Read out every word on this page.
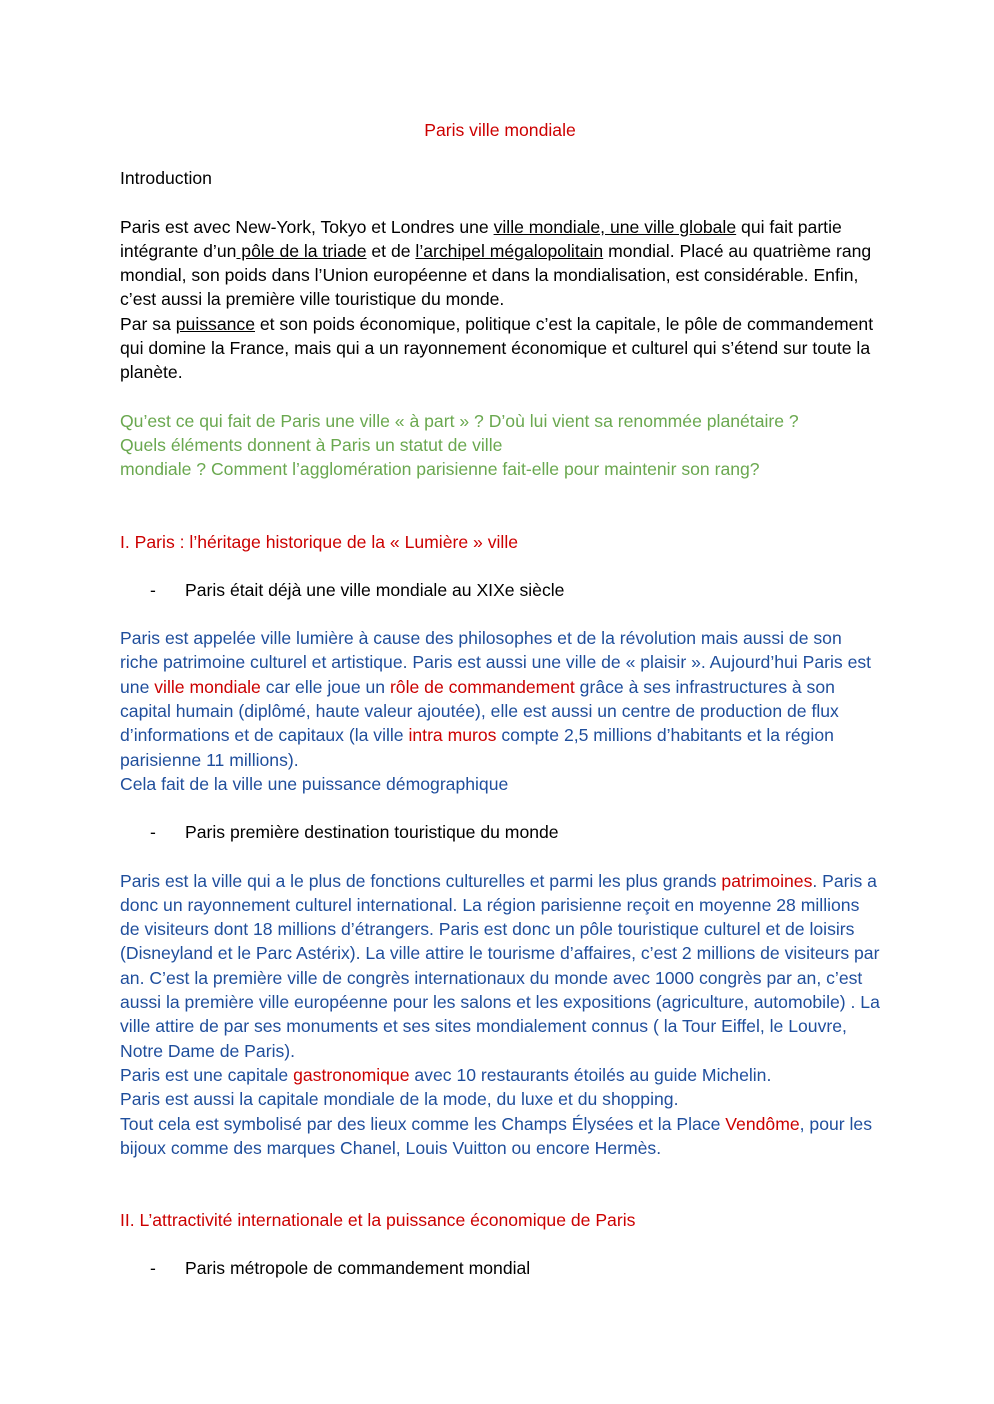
Paris ville mondiale

Introduction

Paris est avec New-York, Tokyo et Londres une ville mondiale, une ville globale qui fait partie intégrante d’un pôle de la triade et de l’archipel mégalopolitain mondial. Placé au quatrième rang mondial, son poids dans l’Union européenne et dans la mondialisation, est considérable. Enfin, c’est aussi la première ville touristique du monde.

Par sa puissance et son poids économique, politique c’est la capitale, le pôle de commandement qui domine la France, mais qui a un rayonnement économique et culturel qui s’étend sur toute la planète.

Qu’est ce qui fait de Paris une ville « à part » ? D’où lui vient sa renommée planétaire ?

Quels éléments donnent à Paris un statut de ville

mondiale ? Comment l’agglomération parisienne fait-elle pour maintenir son rang?

I. Paris : l’héritage historique de la « Lumière » ville

- Paris était déjà une ville mondiale au XIXe siècle

Paris est appelée ville lumière à cause des philosophes et de la révolution mais aussi de son riche patrimoine culturel et artistique. Paris est aussi une ville de « plaisir ». Aujourd’hui Paris est une ville mondiale car elle joue un rôle de commandement grâce à ses infrastructures à son capital humain (diplômé, haute valeur ajoutée), elle est aussi un centre de production de flux d’informations et de capitaux (la ville intra muros compte 2,5 millions d’habitants et la région parisienne 11 millions).

Cela fait de la ville une puissance démographique

- Paris première destination touristique du monde

Paris est la ville qui a le plus de fonctions culturelles et parmi les plus grands patrimoines. Paris a donc un rayonnement culturel international. La région parisienne reçoit en moyenne 28 millions de visiteurs dont 18 millions d’étrangers. Paris est donc un pôle touristique culturel et de loisirs (Disneyland et le Parc Astérix). La ville attire le tourisme d’affaires, c’est 2 millions de visiteurs par an. C’est la première ville de congrès internationaux du monde avec 1000 congrès par an, c’est aussi la première ville européenne pour les salons et les expositions (agriculture, automobile) . La ville attire de par ses monuments et ses sites mondialement connus ( la Tour Eiffel, le Louvre, Notre Dame de Paris).

Paris est une capitale gastronomique avec 10 restaurants étoilés au guide Michelin.

Paris est aussi la capitale mondiale de la mode, du luxe et du shopping.

Tout cela est symbolisé par des lieux comme les Champs Élysées et la Place Vendôme, pour les bijoux comme des marques Chanel, Louis Vuitton ou encore Hermès.

II. L’attractivité internationale et la puissance économique de Paris

- Paris métropole de commandement mondial
